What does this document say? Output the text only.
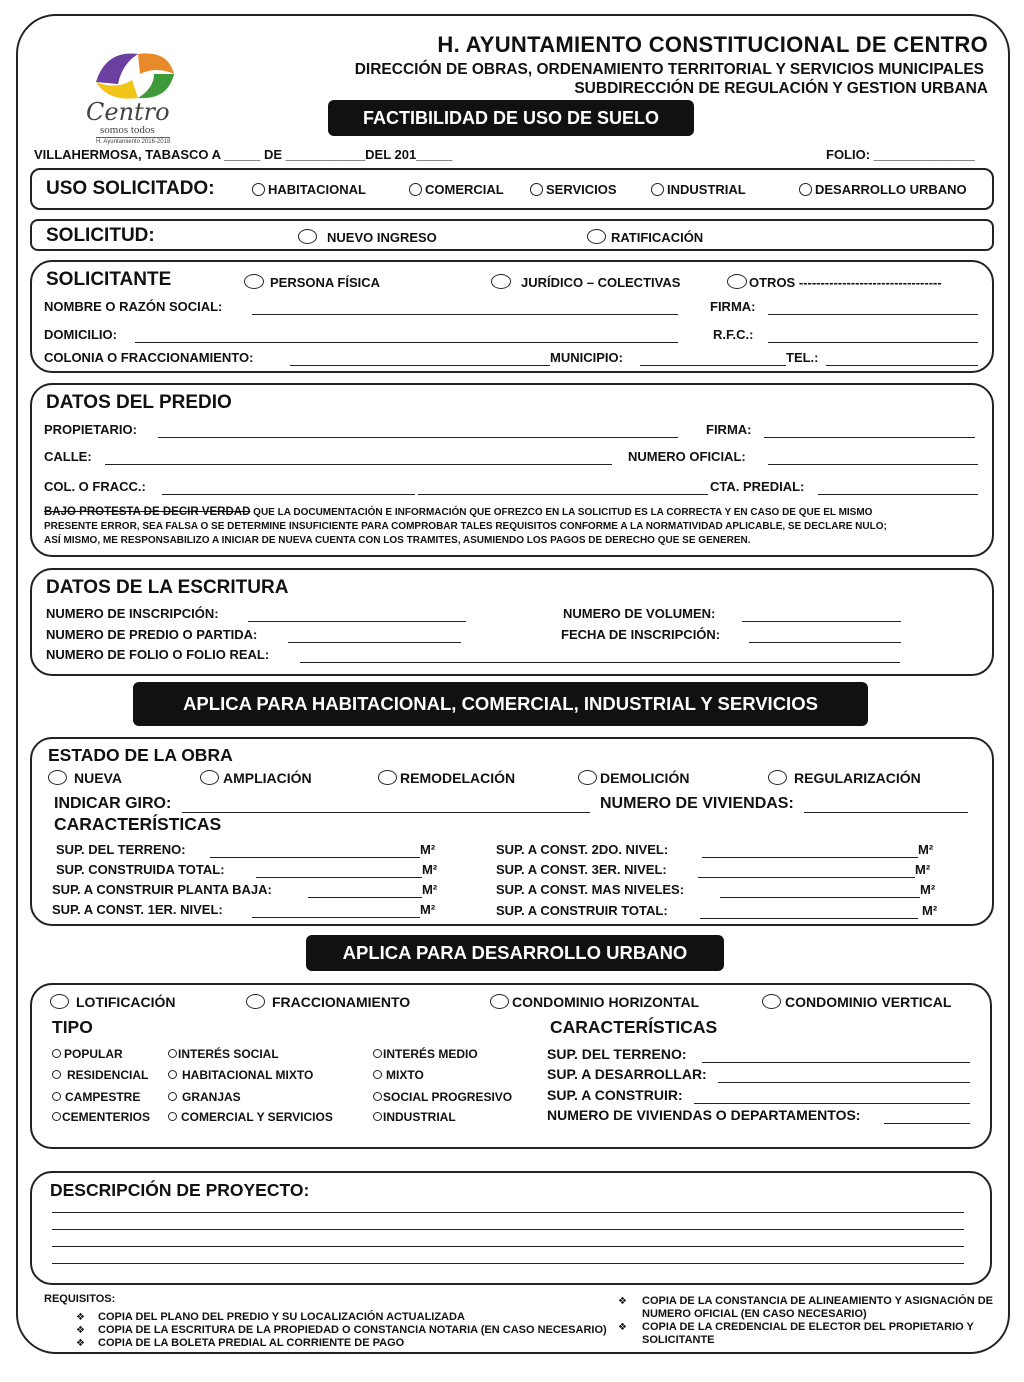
Centro
somos todos
H. Ayuntamiento 2016-2018
H. AYUNTAMIENTO CONSTITUCIONAL DE CENTRO
DIRECCIÓN DE OBRAS, ORDENAMIENTO TERRITORIAL Y SERVICIOS MUNICIPALES
SUBDIRECCIÓN DE REGULACIÓN Y GESTION URBANA
FACTIBILIDAD DE USO DE SUELO
VILLAHERMOSA, TABASCO A _____ DE ___________DEL 201_____	FOLIO: ______________
USO SOLICITADO:	HABITACIONAL	COMERCIAL	SERVICIOS	INDUSTRIAL	DESARROLLO URBANO
SOLICITUD:	NUEVO INGRESO	RATIFICACIÓN
SOLICITANTE	PERSONA FÍSICA	JURÍDICO – COLECTIVAS	OTROS ---------------------------------
NOMBRE O RAZÓN SOCIAL:	FIRMA:
DOMICILIO:	R.F.C.:
COLONIA O FRACCIONAMIENTO:	MUNICIPIO:	TEL.:
DATOS DEL PREDIO
PROPIETARIO:	FIRMA:
CALLE:	NUMERO OFICIAL:
COL. O FRACC.:	CTA. PREDIAL:
BAJO PROTESTA DE DECIR VERDAD QUE LA DOCUMENTACIÓN E INFORMACIÓN QUE OFREZCO EN LA SOLICITUD ES LA CORRECTA Y EN CASO DE QUE EL MISMO
PRESENTE ERROR, SEA FALSA O SE DETERMINE INSUFICIENTE PARA COMPROBAR TALES REQUISITOS CONFORME A LA NORMATIVIDAD APLICABLE, SE DECLARE NULO;
ASÍ MISMO, ME RESPONSABILIZO A INICIAR DE NUEVA CUENTA CON LOS TRAMITES, ASUMIENDO LOS PAGOS DE DERECHO QUE SE GENEREN.
DATOS DE LA ESCRITURA
NUMERO DE INSCRIPCIÓN:	NUMERO DE VOLUMEN:
NUMERO DE PREDIO O PARTIDA:	FECHA DE INSCRIPCIÓN:
NUMERO DE FOLIO O FOLIO REAL:
APLICA PARA HABITACIONAL, COMERCIAL, INDUSTRIAL Y SERVICIOS
ESTADO DE LA OBRA
NUEVA	AMPLIACIÓN	REMODELACIÓN	DEMOLICIÓN	REGULARIZACIÓN
INDICAR GIRO:	NUMERO DE VIVIENDAS:
CARACTERÍSTICAS
SUP. DEL TERRENO:	M²
SUP. CONSTRUIDA TOTAL:	M²
SUP. A CONSTRUIR PLANTA BAJA:	M²
SUP. A CONST. 1ER. NIVEL:	M²
SUP. A CONST. 2DO. NIVEL:	M²
SUP. A CONST. 3ER. NIVEL:	M²
SUP. A CONST. MAS NIVELES:	M²
SUP. A CONSTRUIR TOTAL:	M²
APLICA PARA DESARROLLO URBANO
LOTIFICACIÓN	FRACCIONAMIENTO	CONDOMINIO HORIZONTAL	CONDOMINIO VERTICAL
TIPO	CARACTERÍSTICAS
POPULAR
RESIDENCIAL
CAMPESTRE
CEMENTERIOS
INTERÉS SOCIAL
HABITACIONAL MIXTO
GRANJAS
COMERCIAL Y SERVICIOS
INTERÉS MEDIO
MIXTO
SOCIAL PROGRESIVO
INDUSTRIAL
SUP. DEL TERRENO:
SUP. A DESARROLLAR:
SUP. A CONSTRUIR:
NUMERO DE VIVIENDAS O DEPARTAMENTOS:
DESCRIPCIÓN DE PROYECTO:
REQUISITOS:
❖ COPIA DEL PLANO DEL PREDIO Y SU LOCALIZACIÓN ACTUALIZADA
❖ COPIA DE LA ESCRITURA DE LA PROPIEDAD O CONSTANCIA NOTARIA (EN CASO NECESARIO)
❖ COPIA DE LA BOLETA PREDIAL AL CORRIENTE DE PAGO
❖ COPIA DE LA CONSTANCIA DE ALINEAMIENTO Y ASIGNACIÓN DE
NUMERO OFICIAL (EN CASO NECESARIO)
❖ COPIA DE LA CREDENCIAL DE ELECTOR DEL PROPIETARIO Y
SOLICITANTE
